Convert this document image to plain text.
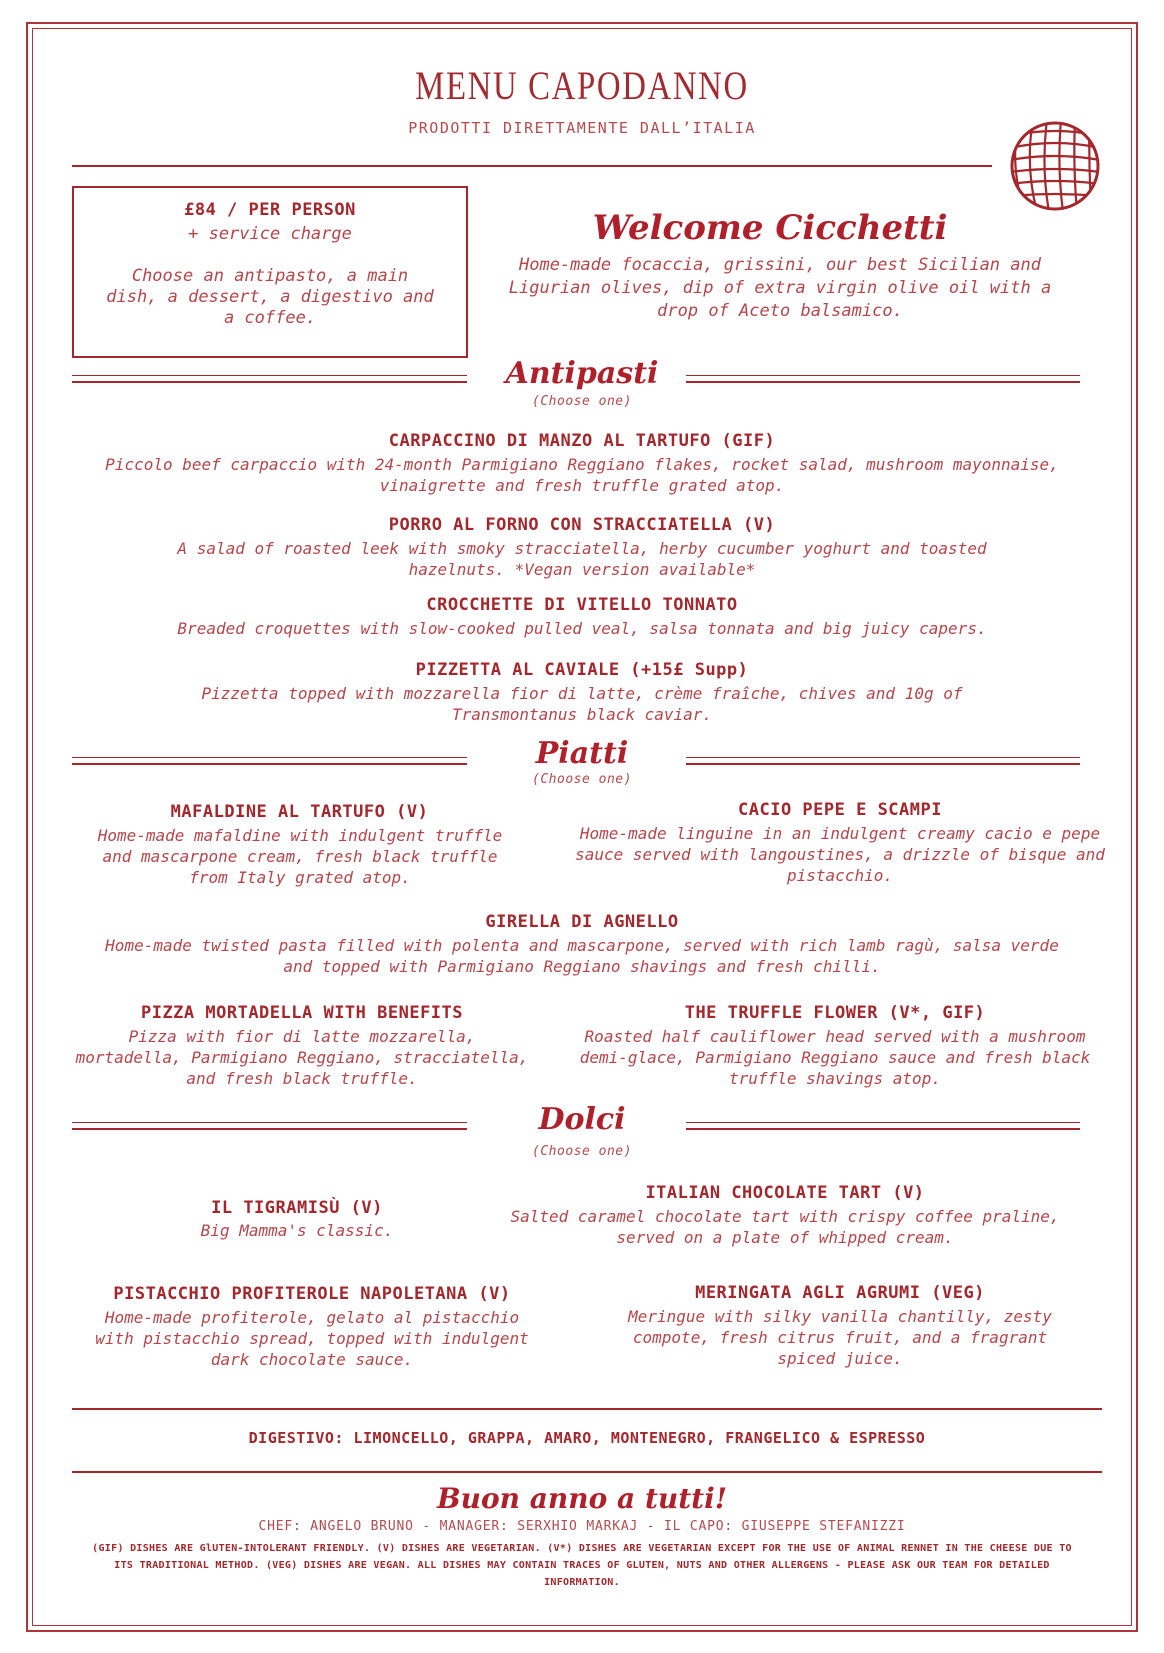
MENU CAPODANNO
PRODOTTI DIRETTAMENTE DALL’ITALIA
£84 / PER PERSON
+ service charge
Choose an antipasto, a main dish, a dessert, a digestivo and a coffee.
Welcome Cicchetti
Home-made focaccia, grissini, our best Sicilian and Ligurian olives, dip of extra virgin olive oil with a drop of Aceto balsamico.
Antipasti
(Choose one)
CARPACCINO DI MANZO AL TARTUFO (GIF)
Piccolo beef carpaccio with 24-month Parmigiano Reggiano flakes, rocket salad, mushroom mayonnaise, vinaigrette and fresh truffle grated atop.
PORRO AL FORNO CON STRACCIATELLA (V)
A salad of roasted leek with smoky stracciatella, herby cucumber yoghurt and toasted hazelnuts. *Vegan version available*
CROCCHETTE DI VITELLO TONNATO
Breaded croquettes with slow-cooked pulled veal, salsa tonnata and big juicy capers.
PIZZETTA AL CAVIALE (+15£ Supp)
Pizzetta topped with mozzarella fior di latte, crème fraîche, chives and 10g of Transmontanus black caviar.
Piatti
(Choose one)
MAFALDINE AL TARTUFO (V)
Home-made mafaldine with indulgent truffle and mascarpone cream, fresh black truffle from Italy grated atop.
CACIO PEPE E SCAMPI
Home-made linguine in an indulgent creamy cacio e pepe sauce served with langoustines, a drizzle of bisque and pistacchio.
GIRELLA DI AGNELLO
Home-made twisted pasta filled with polenta and mascarpone, served with rich lamb ragù, salsa verde and topped with Parmigiano Reggiano shavings and fresh chilli.
PIZZA MORTADELLA WITH BENEFITS
Pizza with fior di latte mozzarella, mortadella, Parmigiano Reggiano, stracciatella, and fresh black truffle.
THE TRUFFLE FLOWER (V*, GIF)
Roasted half cauliflower head served with a mushroom demi-glace, Parmigiano Reggiano sauce and fresh black truffle shavings atop.
Dolci
(Choose one)
IL TIGRAMISÙ (V)
Big Mamma's classic.
ITALIAN CHOCOLATE TART (V)
Salted caramel chocolate tart with crispy coffee praline, served on a plate of whipped cream.
PISTACCHIO PROFITEROLE NAPOLETANA (V)
Home-made profiterole, gelato al pistacchio with pistacchio spread, topped with indulgent dark chocolate sauce.
MERINGATA AGLI AGRUMI (VEG)
Meringue with silky vanilla chantilly, zesty compote, fresh citrus fruit, and a fragrant spiced juice.
DIGESTIVO: LIMONCELLO, GRAPPA, AMARO, MONTENEGRO, FRANGELICO & ESPRESSO
Buon anno a tutti!
CHEF: ANGELO BRUNO - MANAGER: SERXHIO MARKAJ - IL CAPO: GIUSEPPE STEFANIZZI
(GIF) DISHES ARE GlUTEN-INTOLERANT FRIENDLY. (V) DISHES ARE VEGETARIAN. (V*) DISHES ARE VEGETARIAN EXCEPT FOR THE USE OF ANIMAL RENNET IN THE CHEESE DUE TO ITS TRADITIONAL METHOD. (VEG) DISHES ARE VEGAN. ALL DISHES MAY CONTAIN TRACES OF GLUTEN, NUTS AND OTHER ALLERGENS - PLEASE ASK OUR TEAM FOR DETAILED INFORMATION.
